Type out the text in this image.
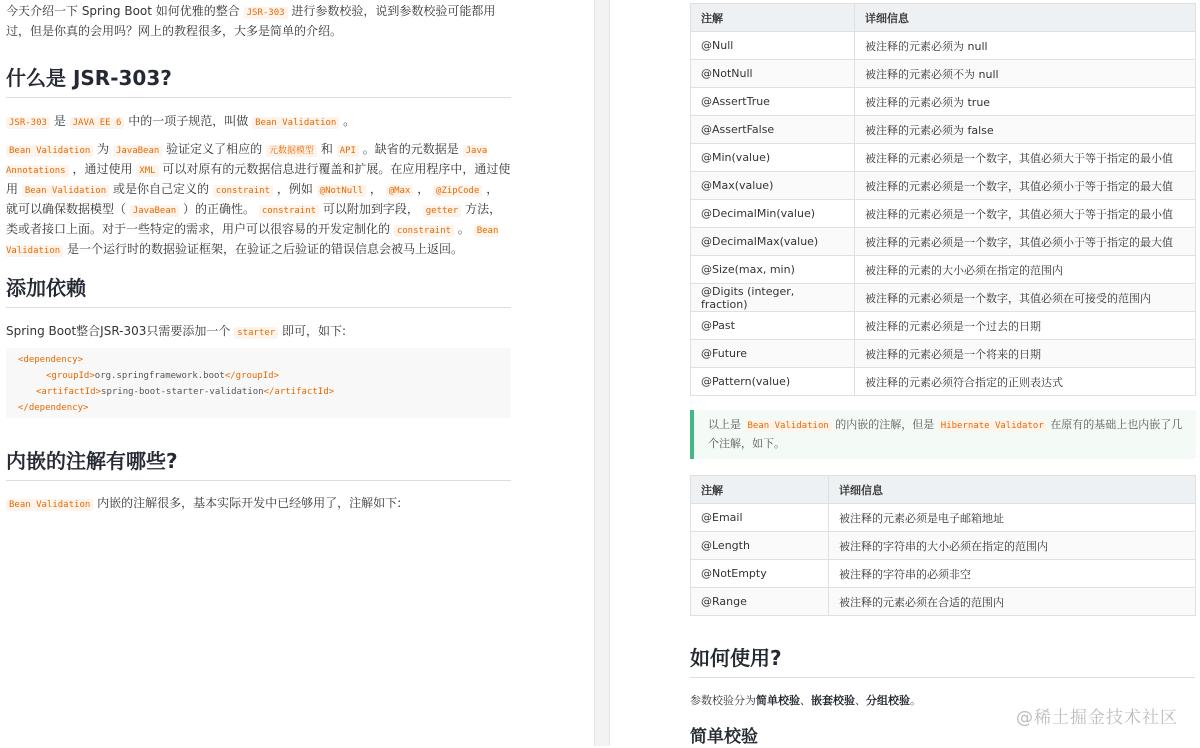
今天介绍一下 Spring Boot 如何优雅的整合 JSR-303 进行参数校验，说到参数校验可能都用过，但是你真的会用吗？网上的教程很多，大多是简单的介绍。

什么是 JSR-303?

JSR-303 是 JAVA EE 6 中的一项子规范，叫做 Bean Validation 。

Bean Validation 为 JavaBean 验证定义了相应的 元数据模型 和 API 。缺省的元数据是 Java Annotations ，通过使用 XML 可以对原有的元数据信息进行覆盖和扩展。在应用程序中，通过使用 Bean Validation 或是你自己定义的 constraint ，例如 @NotNull ， @Max ， @ZipCode ， 就可以确保数据模型（ JavaBean ）的正确性。 constraint 可以附加到字段， getter 方法，类或者接口上面。对于一些特定的需求，用户可以很容易的开发定制化的 constraint 。 Bean Validation 是一个运行时的数据验证框架，在验证之后验证的错误信息会被马上返回。

添加依赖

Spring Boot整合JSR-303只需要添加一个 starter 即可，如下:

<dependency>
<groupId>org.springframework.boot</groupId>
<artifactId>spring-boot-starter-validation</artifactId>
</dependency>
内嵌的注解有哪些?

Bean Validation 内嵌的注解很多，基本实际开发中已经够用了，注解如下:

注解	详细信息
@Null	被注释的元素必须为 null
@NotNull	被注释的元素必须不为 null
@AssertTrue	被注释的元素必须为 true
@AssertFalse	被注释的元素必须为 false
@Min(value)	被注释的元素必须是一个数字，其值必须大于等于指定的最小值
@Max(value)	被注释的元素必须是一个数字，其值必须小于等于指定的最大值
@DecimalMin(value)	被注释的元素必须是一个数字，其值必须大于等于指定的最小值
@DecimalMax(value)	被注释的元素必须是一个数字，其值必须小于等于指定的最大值
@Size(max, min)	被注释的元素的大小必须在指定的范围内
@Digits (integer, fraction)	被注释的元素必须是一个数字，其值必须在可接受的范围内
@Past	被注释的元素必须是一个过去的日期
@Future	被注释的元素必须是一个将来的日期
@Pattern(value)	被注释的元素必须符合指定的正则表达式
以上是 Bean Validation 的内嵌的注解，但是 Hibernate Validator 在原有的基础上也内嵌了几个注解，如下。
注解	详细信息
@Email	被注释的元素必须是电子邮箱地址
@Length	被注释的字符串的大小必须在指定的范围内
@NotEmpty	被注释的字符串的必须非空
@Range	被注释的元素必须在合适的范围内
如何使用?

参数校验分为简单校验、嵌套校验、分组校验。

简单校验
@稀土掘金技术社区
